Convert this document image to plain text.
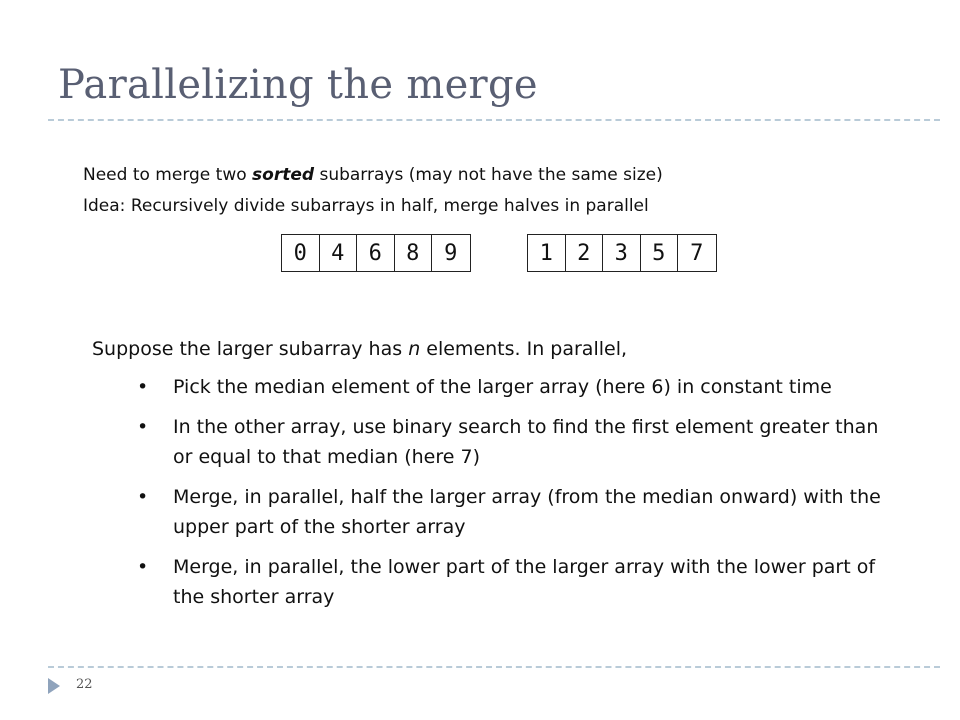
Parallelizing the merge
Need to merge two sorted subarrays (may not have the same size)
Idea: Recursively divide subarrays in half, merge halves in parallel
0	4	6	8	9	1	2	3	5	7
Suppose the larger subarray has n elements. In parallel,
• Pick the median element of the larger array (here 6) in constant time
• In the other array, use binary search to find the first element greater than or equal to that median (here 7)
• Merge, in parallel, half the larger array (from the median onward) with the upper part of the shorter array
• Merge, in parallel, the lower part of the larger array with the lower part of the shorter array
22
